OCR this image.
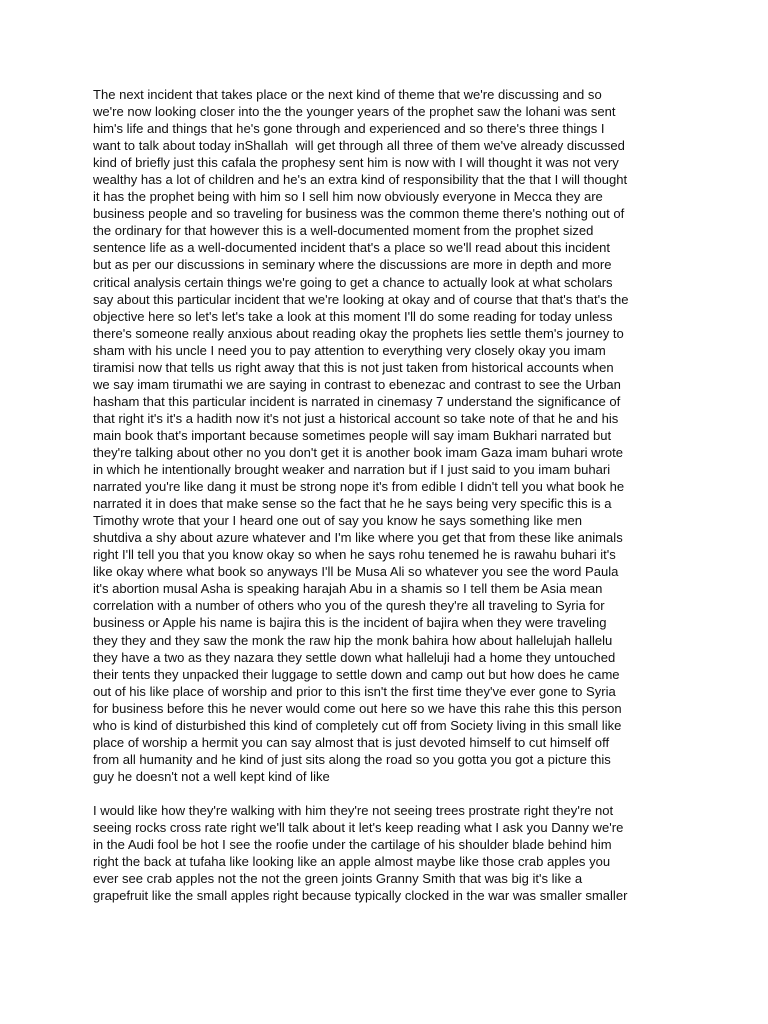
The next incident that takes place or the next kind of theme that we're discussing and so
we're now looking closer into the the younger years of the prophet saw the lohani was sent
him's life and things that he's gone through and experienced and so there's three things I
want to talk about today inShallah  will get through all three of them we've already discussed
kind of briefly just this cafala the prophesy sent him is now with I will thought it was not very
wealthy has a lot of children and he's an extra kind of responsibility that the that I will thought
it has the prophet being with him so I sell him now obviously everyone in Mecca they are
business people and so traveling for business was the common theme there's nothing out of
the ordinary for that however this is a well-documented moment from the prophet sized
sentence life as a well-documented incident that's a place so we'll read about this incident
but as per our discussions in seminary where the discussions are more in depth and more
critical analysis certain things we're going to get a chance to actually look at what scholars
say about this particular incident that we're looking at okay and of course that that's that's the
objective here so let's let's take a look at this moment I'll do some reading for today unless
there's someone really anxious about reading okay the prophets lies settle them's journey to
sham with his uncle I need you to pay attention to everything very closely okay you imam
tiramisi now that tells us right away that this is not just taken from historical accounts when
we say imam tirumathi we are saying in contrast to ebenezac and contrast to see the Urban
hasham that this particular incident is narrated in cinemasy 7 understand the significance of
that right it's it's a hadith now it's not just a historical account so take note of that he and his
main book that's important because sometimes people will say imam Bukhari narrated but
they're talking about other no you don't get it is another book imam Gaza imam buhari wrote
in which he intentionally brought weaker and narration but if I just said to you imam buhari
narrated you're like dang it must be strong nope it's from edible I didn't tell you what book he
narrated it in does that make sense so the fact that he he says being very specific this is a
Timothy wrote that your I heard one out of say you know he says something like men
shutdiva a shy about azure whatever and I'm like where you get that from these like animals
right I'll tell you that you know okay so when he says rohu tenemed he is rawahu buhari it's
like okay where what book so anyways I'll be Musa Ali so whatever you see the word Paula
it's abortion musal Asha is speaking harajah Abu in a shamis so I tell them be Asia mean
correlation with a number of others who you of the quresh they're all traveling to Syria for
business or Apple his name is bajira this is the incident of bajira when they were traveling
they they and they saw the monk the raw hip the monk bahira how about hallelujah hallelu
they have a two as they nazara they settle down what halleluji had a home they untouched
their tents they unpacked their luggage to settle down and camp out but how does he came
out of his like place of worship and prior to this isn't the first time they've ever gone to Syria
for business before this he never would come out here so we have this rahe this this person
who is kind of disturbished this kind of completely cut off from Society living in this small like
place of worship a hermit you can say almost that is just devoted himself to cut himself off
from all humanity and he kind of just sits along the road so you gotta you got a picture this
guy he doesn't not a well kept kind of like
I would like how they're walking with him they're not seeing trees prostrate right they're not
seeing rocks cross rate right we'll talk about it let's keep reading what I ask you Danny we're
in the Audi fool be hot I see the roofie under the cartilage of his shoulder blade behind him
right the back at tufaha like looking like an apple almost maybe like those crab apples you
ever see crab apples not the not the green joints Granny Smith that was big it's like a
grapefruit like the small apples right because typically clocked in the war was smaller smaller
